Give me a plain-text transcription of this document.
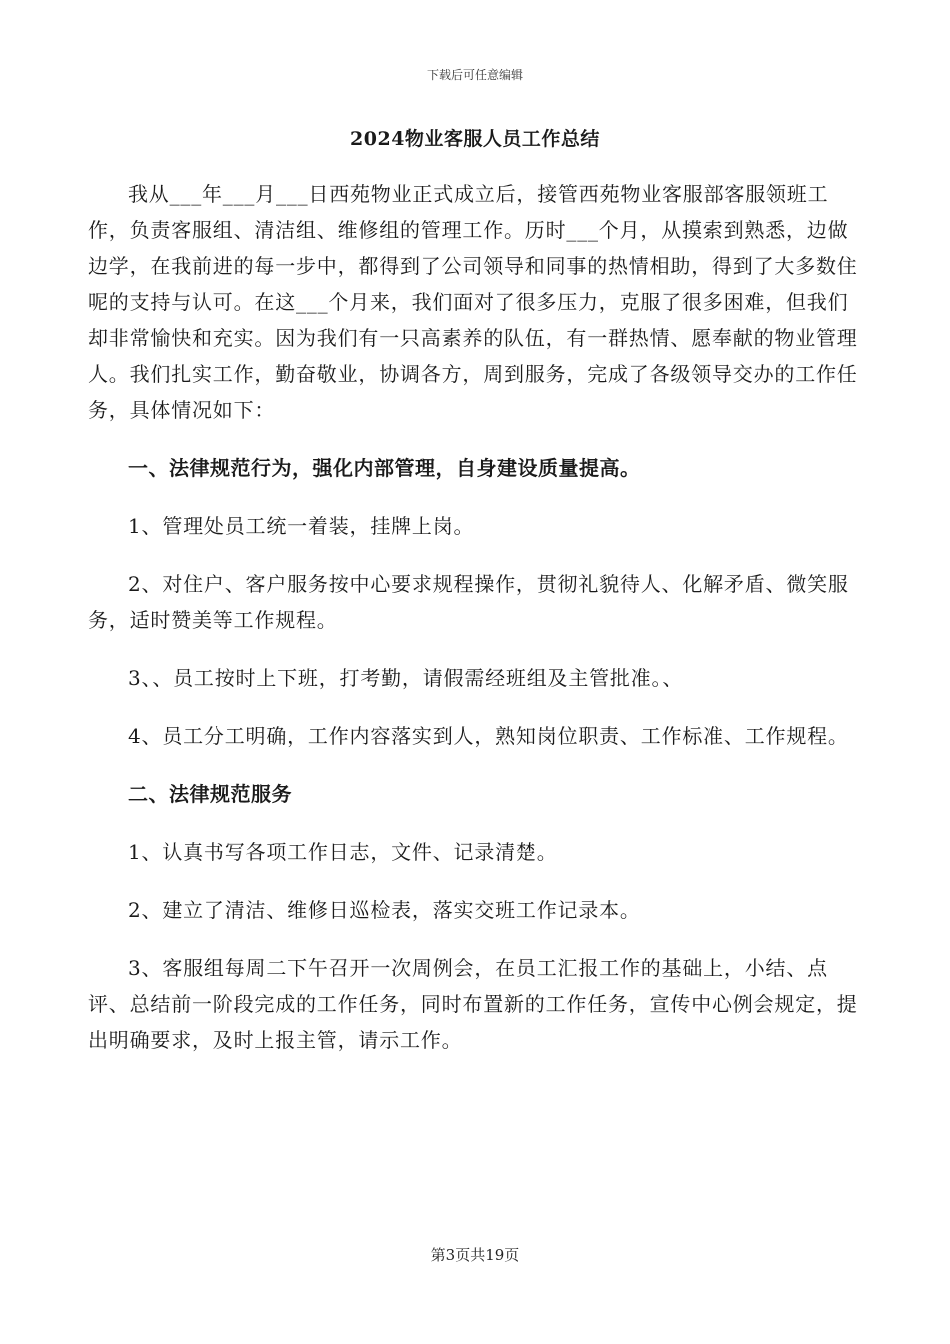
下载后可任意编辑
2024物业客服人员工作总结

我从___年___月___日西苑物业正式成立后，接管西苑物业客服部客服领班工作，负责客服组、清洁组、维修组的管理工作。历时___个月，从摸索到熟悉，边做边学，在我前进的每一步中，都得到了公司领导和同事的热情相助，得到了大多数住呢的支持与认可。在这___个月来，我们面对了很多压力，克服了很多困难，但我们却非常愉快和充实。因为我们有一只高素养的队伍，有一群热情、愿奉献的物业管理人。我们扎实工作，勤奋敬业，协调各方，周到服务，完成了各级领导交办的工作任务，具体情况如下：

一、法律规范行为，强化内部管理，自身建设质量提高。

1、管理处员工统一着装，挂牌上岗。

2、对住户、客户服务按中心要求规程操作，贯彻礼貌待人、化解矛盾、微笑服务，适时赞美等工作规程。

3、、员工按时上下班，打考勤，请假需经班组及主管批准。、

4、员工分工明确，工作内容落实到人，熟知岗位职责、工作标准、工作规程。

二、法律规范服务

1、认真书写各项工作日志，文件、记录清楚。

2、建立了清洁、维修日巡检表，落实交班工作记录本。

3、客服组每周二下午召开一次周例会，在员工汇报工作的基础上，小结、点评、总结前一阶段完成的工作任务，同时布置新的工作任务，宣传中心例会规定，提出明确要求，及时上报主管，请示工作。

第3页共19页
